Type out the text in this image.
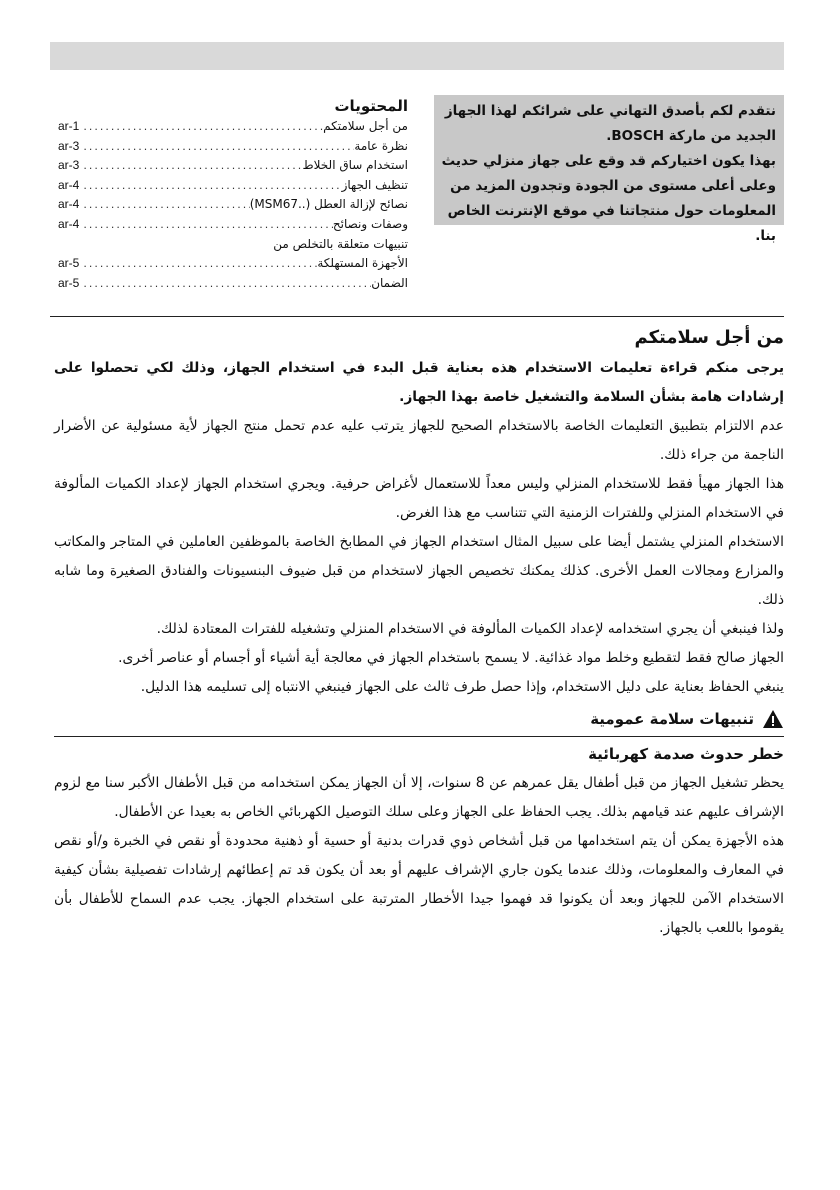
نتقدم لكم بأصدق التهاني على شرائكم لهذا الجهاز
الجديد من ماركة BOSCH.
بهذا يكون اختياركم قد وقع على جهاز منزلي حديث
وعلى أعلى مستوى من الجودة وتجدون المزيد من
المعلومات حول منتجاتنا في موقع الإنترنت الخاص بنا.
المحتويات
من أجل سلامتكم
.....
ar-1
نظرة عامة
.....
ar-3
استخدام ساق الخلاط
.....
ar-3
تنظيف الجهاز
.....
ar-4
نصائح لإزالة العطل (..MSM67)
.....
ar-4
وصفات ونصائح
.....
ar-4
تنبيهات متعلقة بالتخلص من
الأجهزة المستهلكة
.....
ar-5
الضمان
.....
ar-5
من أجل سلامتكم

يرجى منكم قراءة تعليمات الاستخدام هذه بعناية قبل البدء في استخدام الجهاز، وذلك لكي تحصلوا على إرشادات هامة بشأن السلامة والتشغيل خاصة بهذا الجهاز.

عدم الالتزام بتطبيق التعليمات الخاصة بالاستخدام الصحيح للجهاز يترتب عليه عدم تحمل منتج الجهاز لأية مسئولية عن الأضرار الناجمة من جراء ذلك.

هذا الجهاز مهيأ فقط للاستخدام المنزلي وليس معداً للاستعمال لأغراض حرفية. ويجري استخدام الجهاز لإعداد الكميات المألوفة في الاستخدام المنزلي وللفترات الزمنية التي تتناسب مع هذا الغرض.

الاستخدام المنزلي يشتمل أيضا على سبيل المثال استخدام الجهاز في المطابخ الخاصة بالموظفين العاملين في المتاجر والمكاتب والمزارع ومجالات العمل الأخرى. كذلك يمكنك تخصيص الجهاز لاستخدام من قبل ضيوف البنسيونات والفنادق الصغيرة وما شابه ذلك.

ولذا فينبغي أن يجري استخدامه لإعداد الكميات المألوفة في الاستخدام المنزلي وتشغيله للفترات المعتادة لذلك.

الجهاز صالح فقط لتقطيع وخلط مواد غذائية. لا يسمح باستخدام الجهاز في معالجة أية أشياء أو أجسام أو عناصر أخرى.

ينبغي الحفاظ بعناية على دليل الاستخدام، وإذا حصل طرف ثالث على الجهاز فينبغي الانتباه إلى تسليمه هذا الدليل.

تنبيهات سلامة عمومية
خطر حدوث صدمة كهربائية

يحظر تشغيل الجهاز من قبل أطفال يقل عمرهم عن 8 سنوات، إلا أن الجهاز يمكن استخدامه من قبل الأطفال الأكبر سنا مع لزوم الإشراف عليهم عند قيامهم بذلك. يجب الحفاظ على الجهاز وعلى سلك التوصيل الكهربائي الخاص به بعيدا عن الأطفال.

هذه الأجهزة يمكن أن يتم استخدامها من قبل أشخاص ذوي قدرات بدنية أو حسية أو ذهنية محدودة أو نقص في الخبرة و/أو نقص في المعارف والمعلومات، وذلك عندما يكون جاري الإشراف عليهم أو بعد أن يكون قد تم إعطائهم إرشادات تفصيلية بشأن كيفية الاستخدام الآمن للجهاز وبعد أن يكونوا قد فهموا جيدا الأخطار المترتبة على استخدام الجهاز. يجب عدم السماح للأطفال بأن يقوموا باللعب بالجهاز.
